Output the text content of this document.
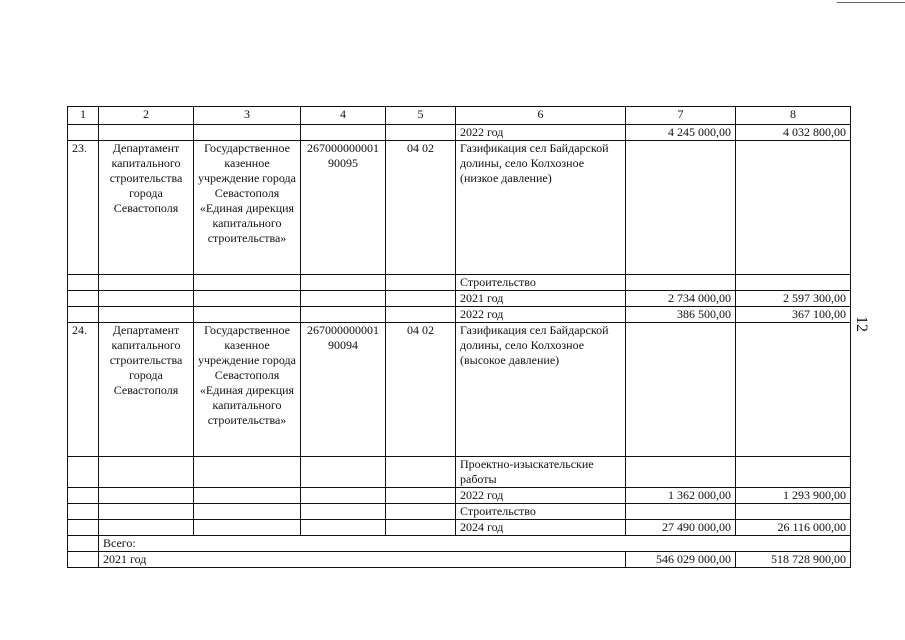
1	2	3	4	5	6	7	8
					2022 год	4 245 000,00	4 032 800,00
23.	Департамент капитального строительства города Севастополя	Государственное казенное учреждение города Севастополя «Единая дирекция капитального строительства»	26700000000190095	04 02	Газификация сел Байдарской долины, село Колхозное (низкое давление)		
					Строительство		
					2021 год	2 734 000,00	2 597 300,00
					2022 год	386 500,00	367 100,00
24.	Департамент капитального строительства города Севастополя	Государственное казенное учреждение города Севастополя «Единая дирекция капитального строительства»	26700000000190094	04 02	Газификация сел Байдарской долины, село Колхозное (высокое давление)		
					Проектно-изыскательские работы		
					2022 год	1 362 000,00	1 293 900,00
					Строительство		
					2024 год	27 490 000,00	26 116 000,00
	Всего:						
	2021 год					546 029 000,00	518 728 900,00
12
